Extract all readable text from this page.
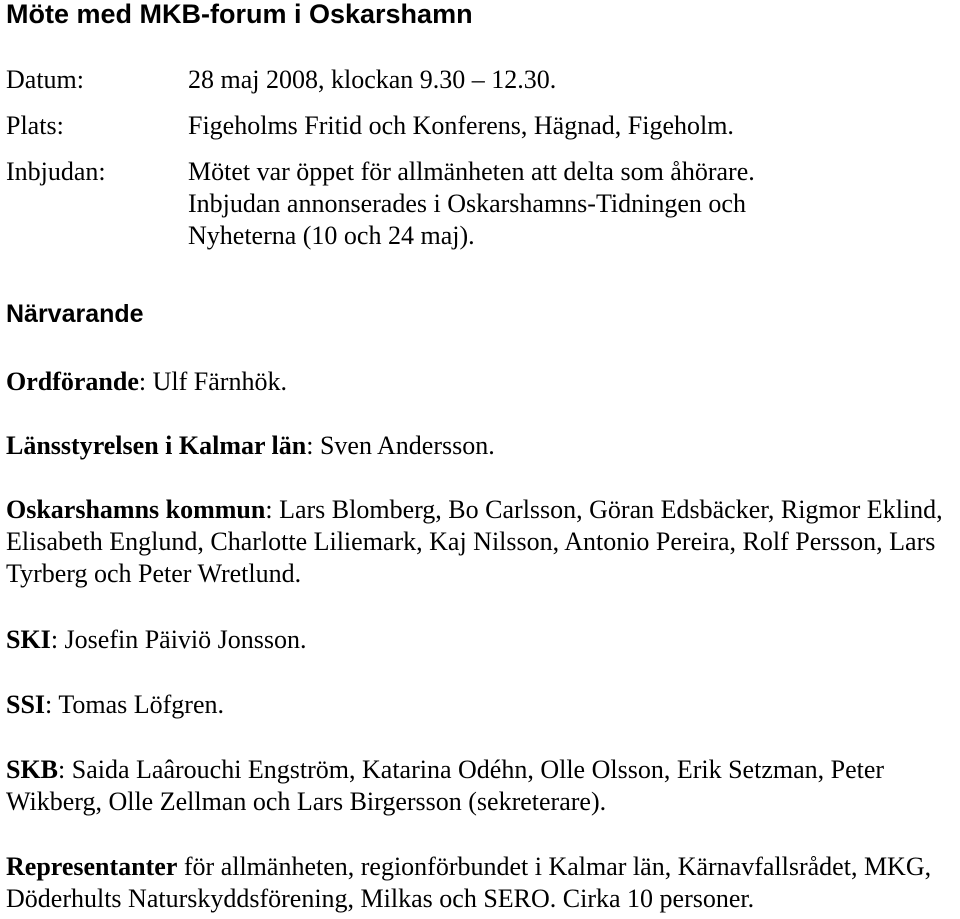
Möte med MKB-forum i Oskarshamn

Datum:	28 maj 2008, klockan 9.30 – 12.30.

Plats:	Figeholms Fritid och Konferens, Hägnad, Figeholm.

Inbjudan:	Mötet var öppet för allmänheten att delta som åhörare. Inbjudan annonserades i Oskarshamns-Tidningen och Nyheterna (10 och 24 maj).

Närvarande

Ordförande: Ulf Färnhök.

Länsstyrelsen i Kalmar län: Sven Andersson.

Oskarshamns kommun: Lars Blomberg, Bo Carlsson, Göran Edsbäcker, Rigmor Eklind, Elisabeth Englund, Charlotte Liliemark, Kaj Nilsson, Antonio Pereira, Rolf Persson, Lars Tyrberg och Peter Wretlund.

SKI: Josefin Päiviö Jonsson.

SSI: Tomas Löfgren.

SKB: Saida Laârouchi Engström, Katarina Odéhn, Olle Olsson, Erik Setzman, Peter Wikberg, Olle Zellman och Lars Birgersson (sekreterare).

Representanter för allmänheten, regionförbundet i Kalmar län, Kärnavfallsrådet, MKG, Döderhults Naturskyddsförening, Milkas och SERO. Cirka 10 personer.
